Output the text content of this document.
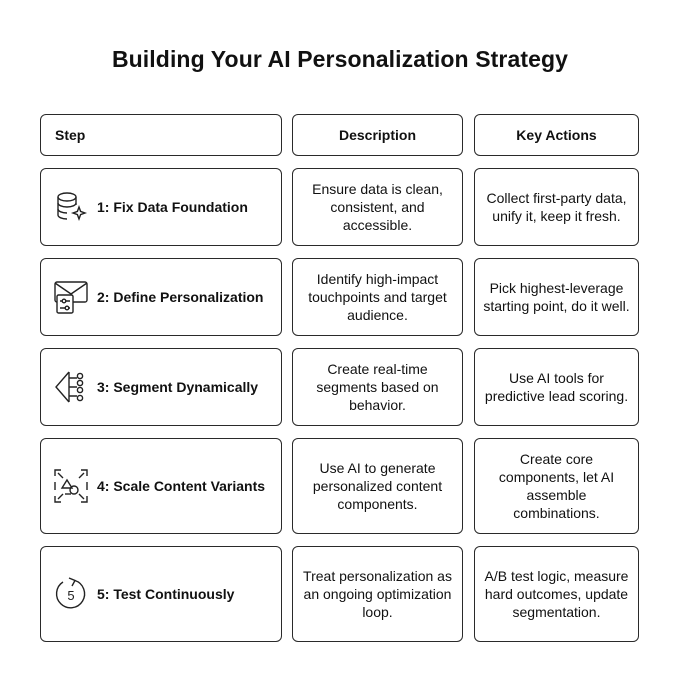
Building Your AI Personalization Strategy
Step	Description	Key Actions
1: Fix Data Foundation
Ensure data is clean, consistent, and accessible.
Collect first-party data, unify it, keep it fresh.
2: Define Personalization
Identify high-impact touchpoints and target audience.
Pick highest-leverage starting point, do it well.
3: Segment Dynamically
Create real-time segments based on behavior.
Use AI tools for predictive lead scoring.
4: Scale Content Variants
Use AI to generate personalized content components.
Create core components, let AI assemble combinations.
5 5: Test Continuously
Treat personalization as an ongoing optimization loop.
A/B test logic, measure hard outcomes, update segmentation.
